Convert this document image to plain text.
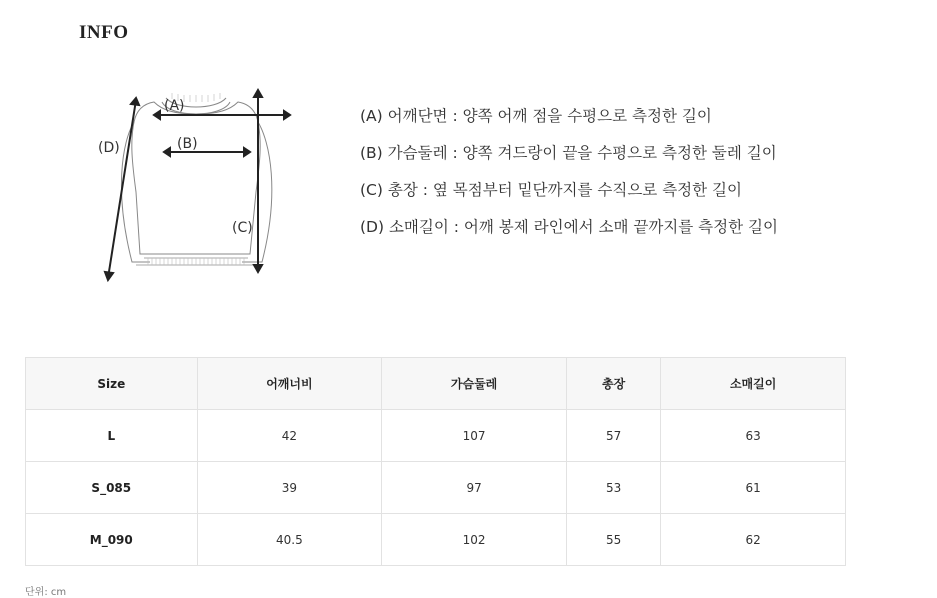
INFO
(A)
(B)
(C)
(D)
(A) 어깨단면 : 양쪽 어깨 점을 수평으로 측정한 길이
(B) 가슴둘레 : 양쪽 겨드랑이 끝을 수평으로 측정한 둘레 길이
(C) 총장 : 옆 목점부터 밑단까지를 수직으로 측정한 길이
(D) 소매길이 : 어깨 봉제 라인에서 소매 끝까지를 측정한 길이
Size	어깨너비	가슴둘레	총장	소매길이
L	42	107	57	63
S_085	39	97	53	61
M_090	40.5	102	55	62
단위: cm
